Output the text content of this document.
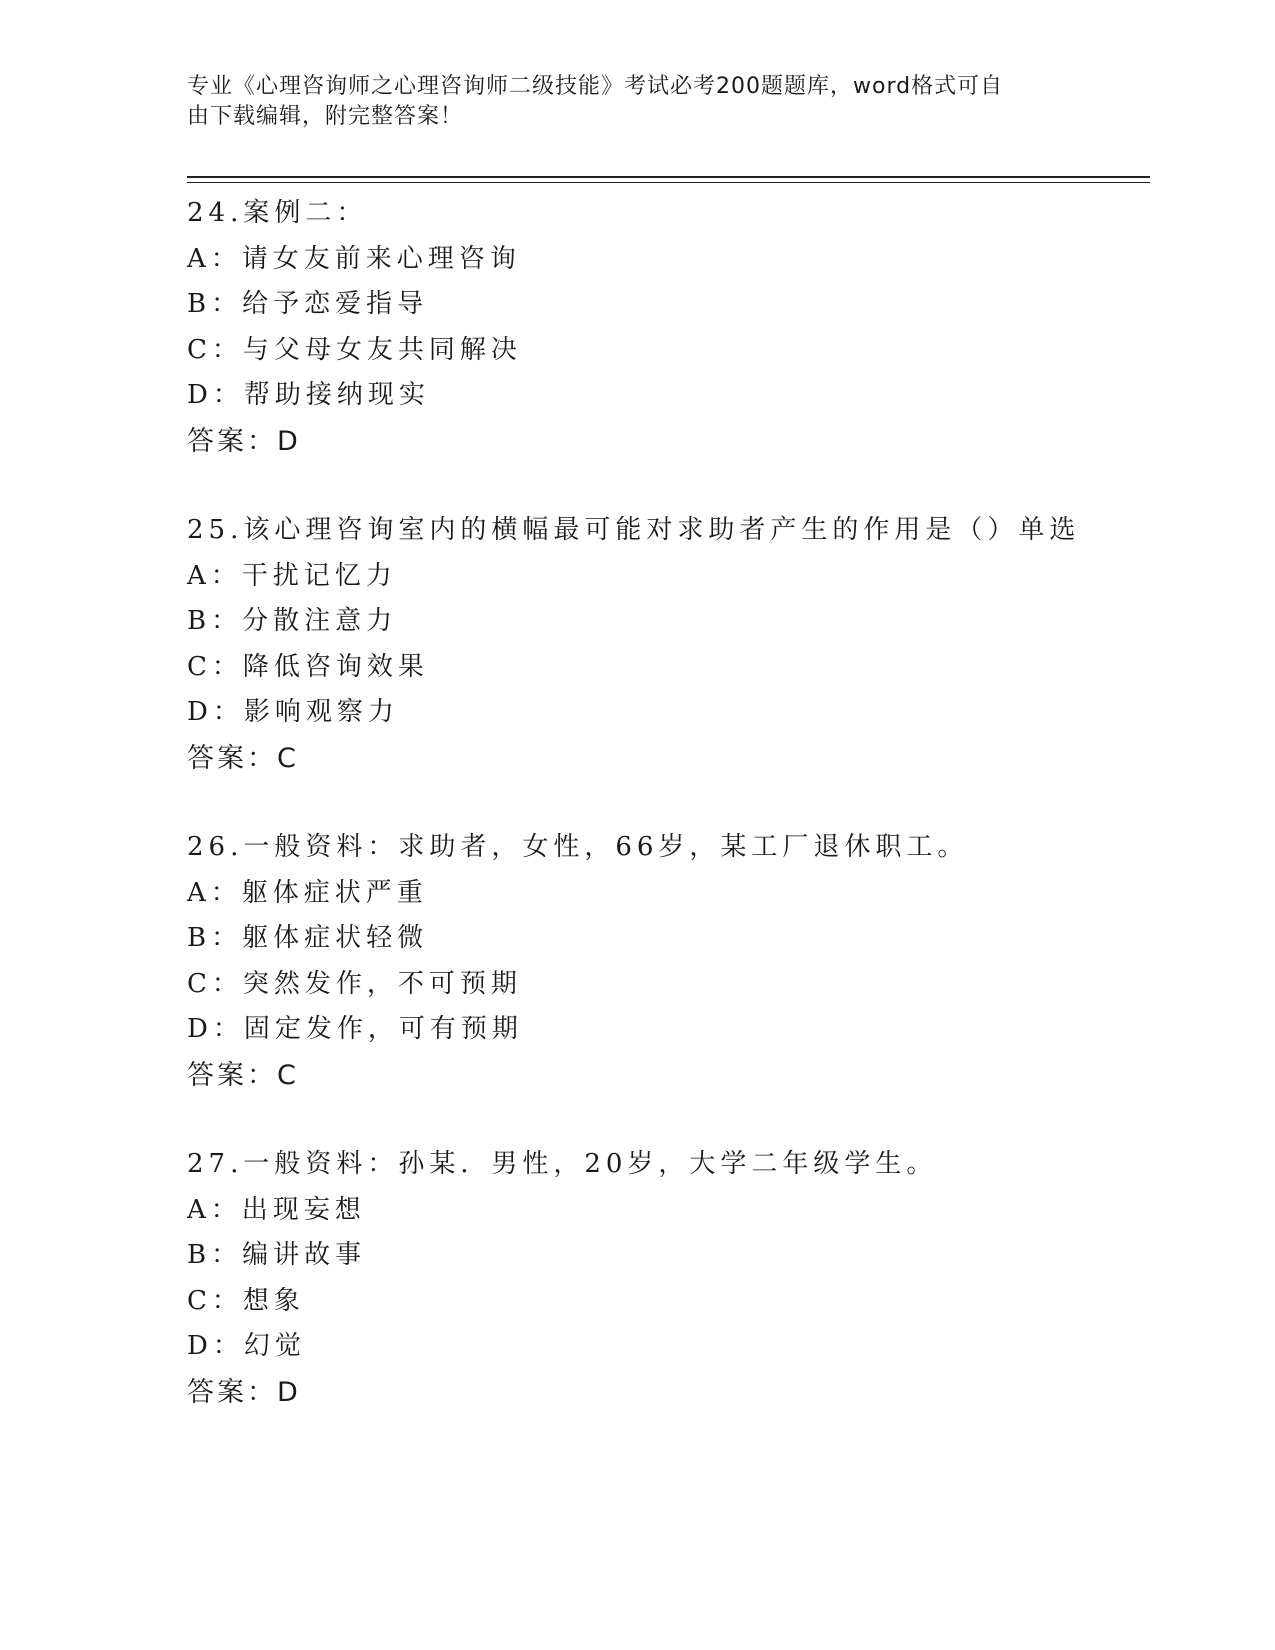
专业《心理咨询师之心理咨询师二级技能》考试必考200题题库，word格式可自
由下载编辑，附完整答案！
24.案例二：
A：请女友前来心理咨询
B：给予恋爱指导
C：与父母女友共同解决
D：帮助接纳现实
答案：D
25.该心理咨询室内的横幅最可能对求助者产生的作用是（）单选
A：干扰记忆力
B：分散注意力
C：降低咨询效果
D：影响观察力
答案：C
26.一般资料：求助者，女性，66岁，某工厂退休职工。
A：躯体症状严重
B：躯体症状轻微
C：突然发作，不可预期
D：固定发作，可有预期
答案：C
27.一般资料：孙某．男性，20岁，大学二年级学生。
A：出现妄想
B：编讲故事
C：想象
D：幻觉
答案：D
